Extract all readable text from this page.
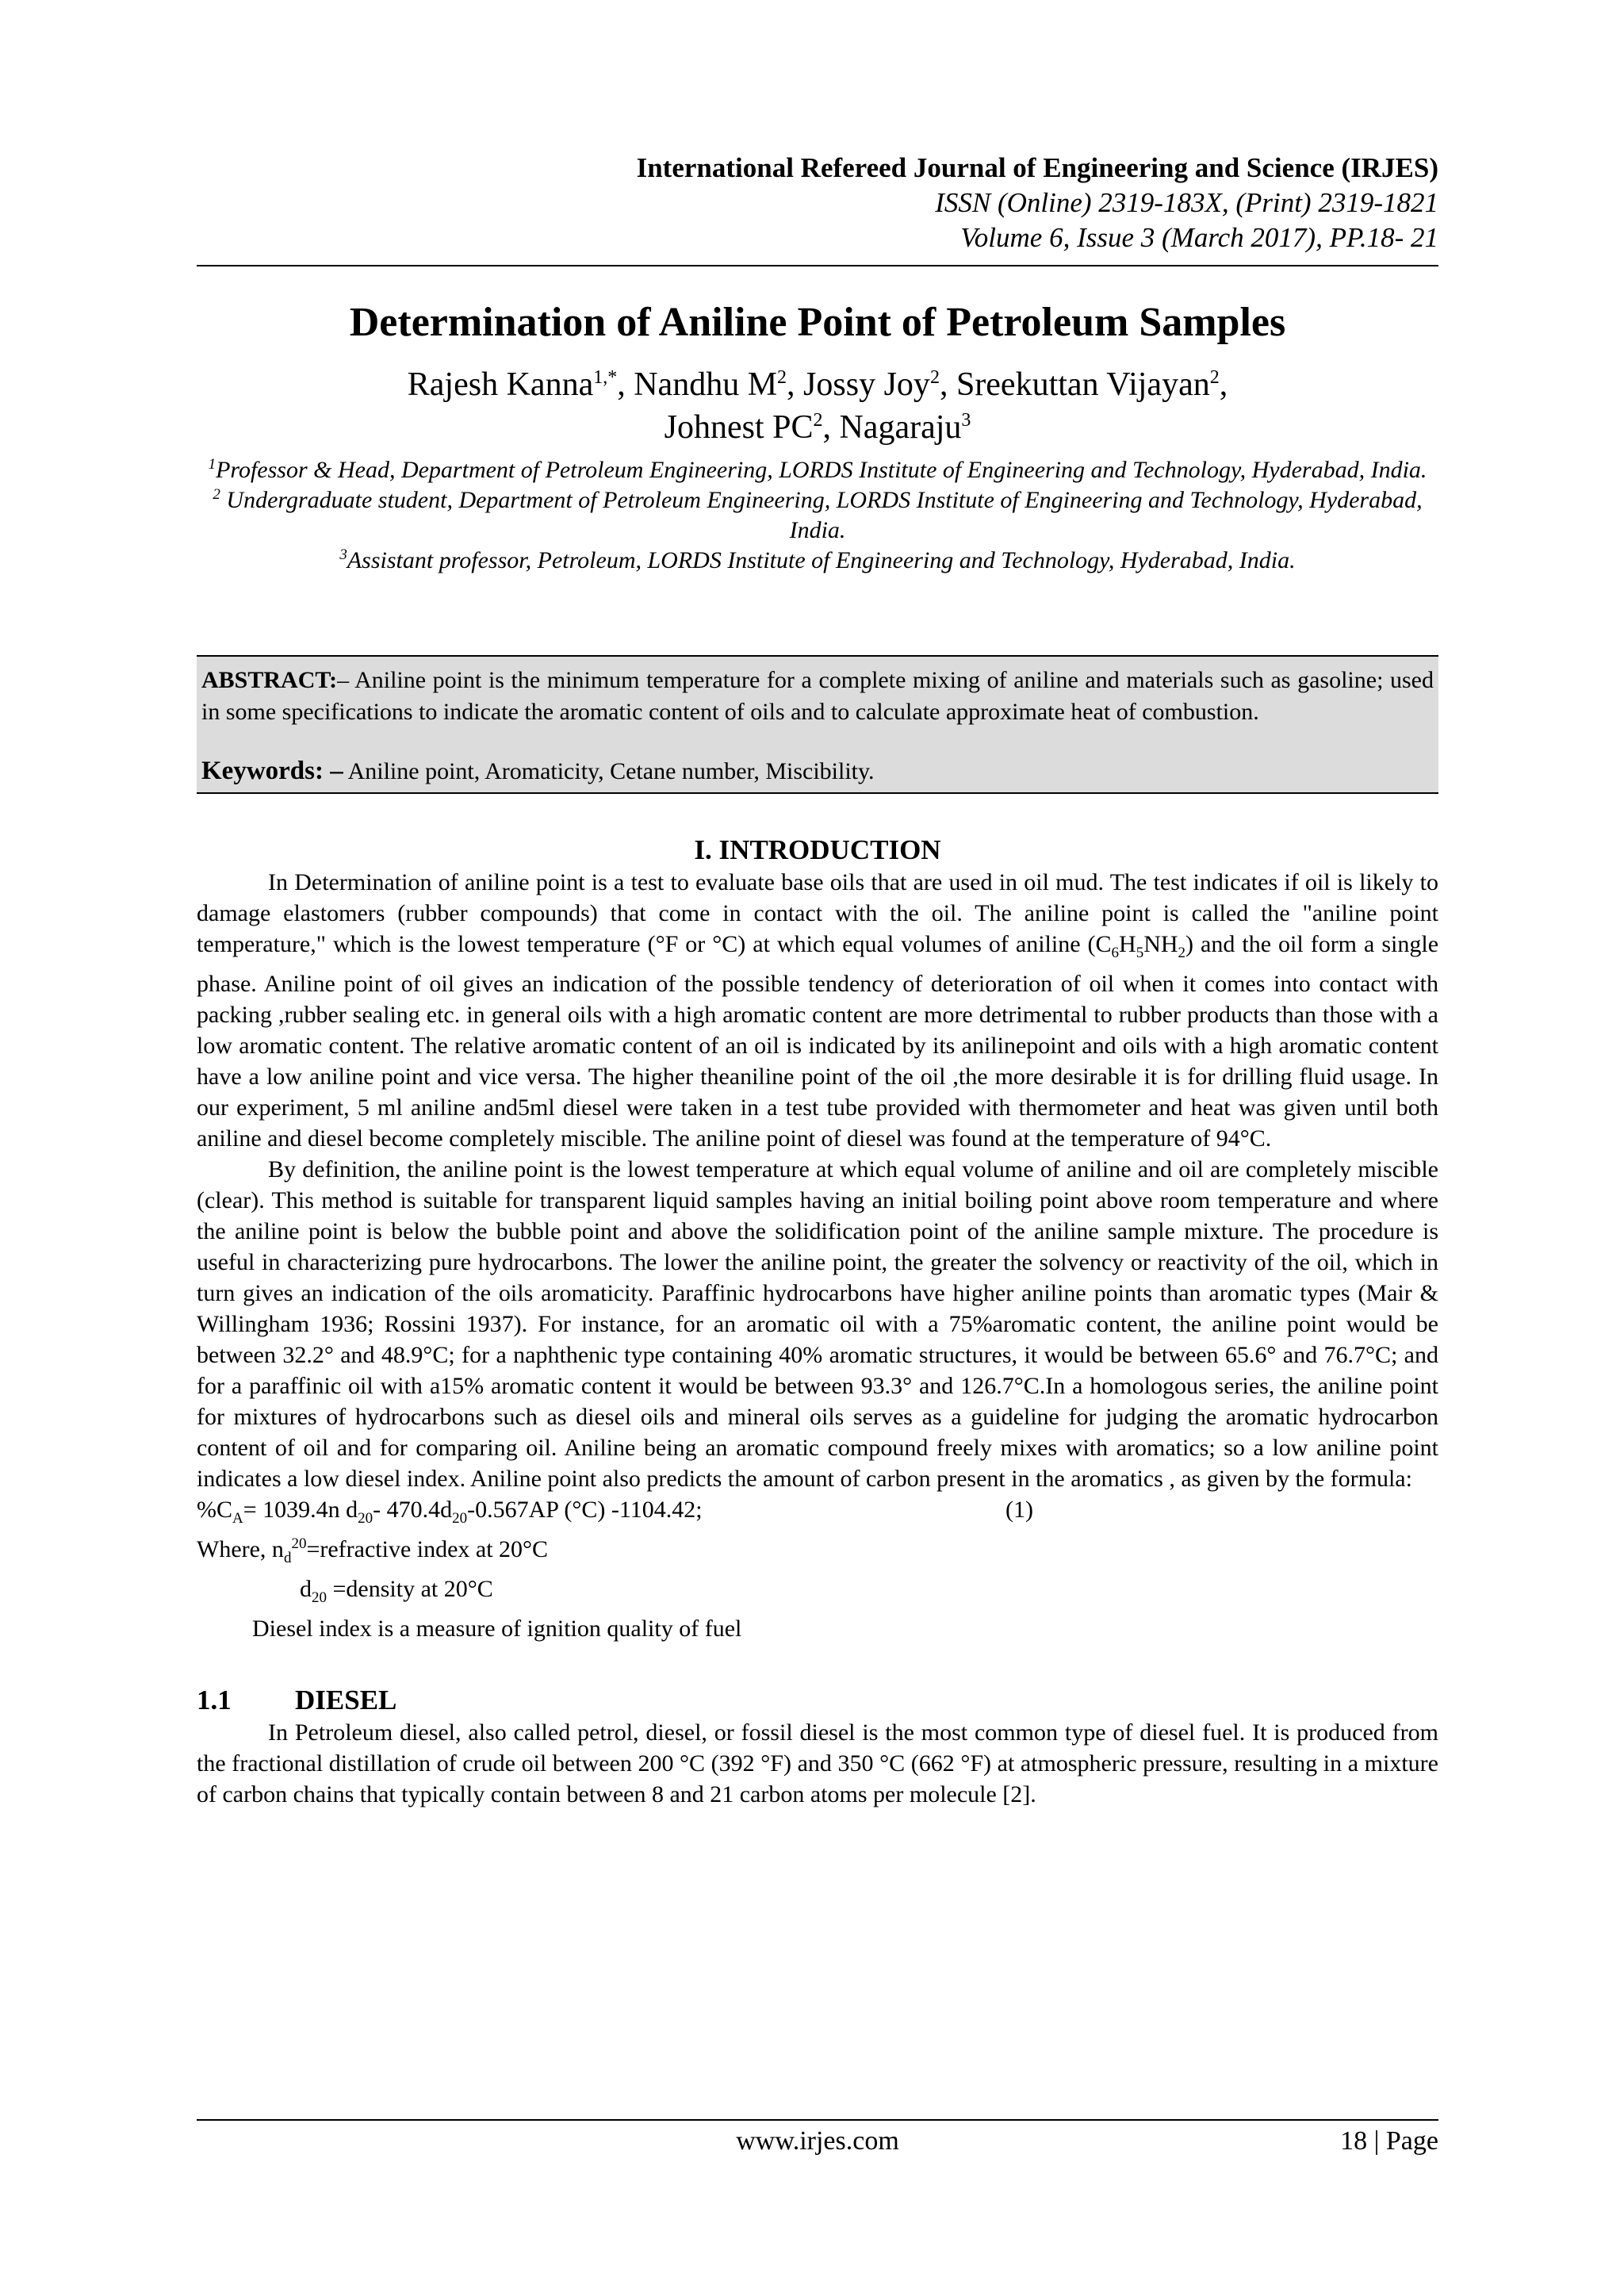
International Refereed Journal of Engineering and Science (IRJES)
ISSN (Online) 2319-183X, (Print) 2319-1821
Volume 6, Issue 3 (March 2017), PP.18- 21
Determination of Aniline Point of Petroleum Samples
Rajesh Kanna$^{1,*}$, Nandhu $M^2$, Jossy Joy$^2$, Sreekuttan Vijayan$^2$,
Johnest $PC^2$, Nagaraju$^3$
$^1$Professor & Head, Department of Petroleum Engineering, LORDS Institute of Engineering and Technology, Hyderabad, India.
$^2$ Undergraduate student, Department of Petroleum Engineering, LORDS Institute of Engineering and Technology, Hyderabad, India.
$^3$Assistant professor, Petroleum, LORDS Institute of Engineering and Technology, Hyderabad, India.
ABSTRACT:– Aniline point is the minimum temperature for a complete mixing of aniline and materials such as gasoline; used in some specifications to indicate the aromatic content of oils and to calculate approximate heat of combustion.
Keywords: – Aniline point, Aromaticity, Cetane number, Miscibility.
I. INTRODUCTION
In Determination of aniline point is a test to evaluate base oils that are used in oil mud. The test indicates if oil is likely to damage elastomers (rubber compounds) that come in contact with the oil. The aniline point is called the "aniline point temperature," which is the lowest temperature (°F or °C) at which equal volumes of aniline $(C_6H_5NH_2)$ and the oil form a single phase. Aniline point of oil gives an indication of the possible tendency of deterioration of oil when it comes into contact with packing ,rubber sealing etc. in general oils with a high aromatic content are more detrimental to rubber products than those with a low aromatic content. The relative aromatic content of an oil is indicated by its anilinepoint and oils with a high aromatic content have a low aniline point and vice versa. The higher theaniline point of the oil ,the more desirable it is for drilling fluid usage. In our experiment, 5 ml aniline and5ml diesel were taken in a test tube provided with thermometer and heat was given until both aniline and diesel become completely miscible. The aniline point of diesel was found at the temperature of 94°C.
By definition, the aniline point is the lowest temperature at which equal volume of aniline and oil are completely miscible (clear). This method is suitable for transparent liquid samples having an initial boiling point above room temperature and where the aniline point is below the bubble point and above the solidification point of the aniline sample mixture. The procedure is useful in characterizing pure hydrocarbons. The lower the aniline point, the greater the solvency or reactivity of the oil, which in turn gives an indication of the oils aromaticity. Paraffinic hydrocarbons have higher aniline points than aromatic types (Mair & Willingham 1936; Rossini 1937). For instance, for an aromatic oil with a 75%aromatic content, the aniline point would be between 32.2° and 48.9°C; for a naphthenic type containing 40% aromatic structures, it would be between 65.6° and 76.7°C; and for a paraffinic oil with a15% aromatic content it would be between 93.3° and 126.7°C.In a homologous series, the aniline point for mixtures of hydrocarbons such as diesel oils and mineral oils serves as a guideline for judging the aromatic hydrocarbon content of oil and for comparing oil. Aniline being an aromatic compound freely mixes with aromatics; so a low aniline point indicates a low diesel index. Aniline point also predicts the amount of carbon present in the aromatics , as given by the formula:
$\%C_A= 1039.4n$ $d_{20}-$ $470.4d_{20}-0.567AP$ (°C) -1104.42;	(1)
Where, $n_d^{20}=refractive$ index at 20°C
$d_{20}$ =density at 20°C
Diesel index is a measure of ignition quality of fuel
1.1 DIESEL
In Petroleum diesel, also called petrol, diesel, or fossil diesel is the most common type of diesel fuel. It is produced from the fractional distillation of crude oil between 200 °C (392 °F) and 350 °C (662 °F) at atmospheric pressure, resulting in a mixture of carbon chains that typically contain between 8 and 21 carbon atoms per molecule [2].
www.irjes.com	18 | Page
